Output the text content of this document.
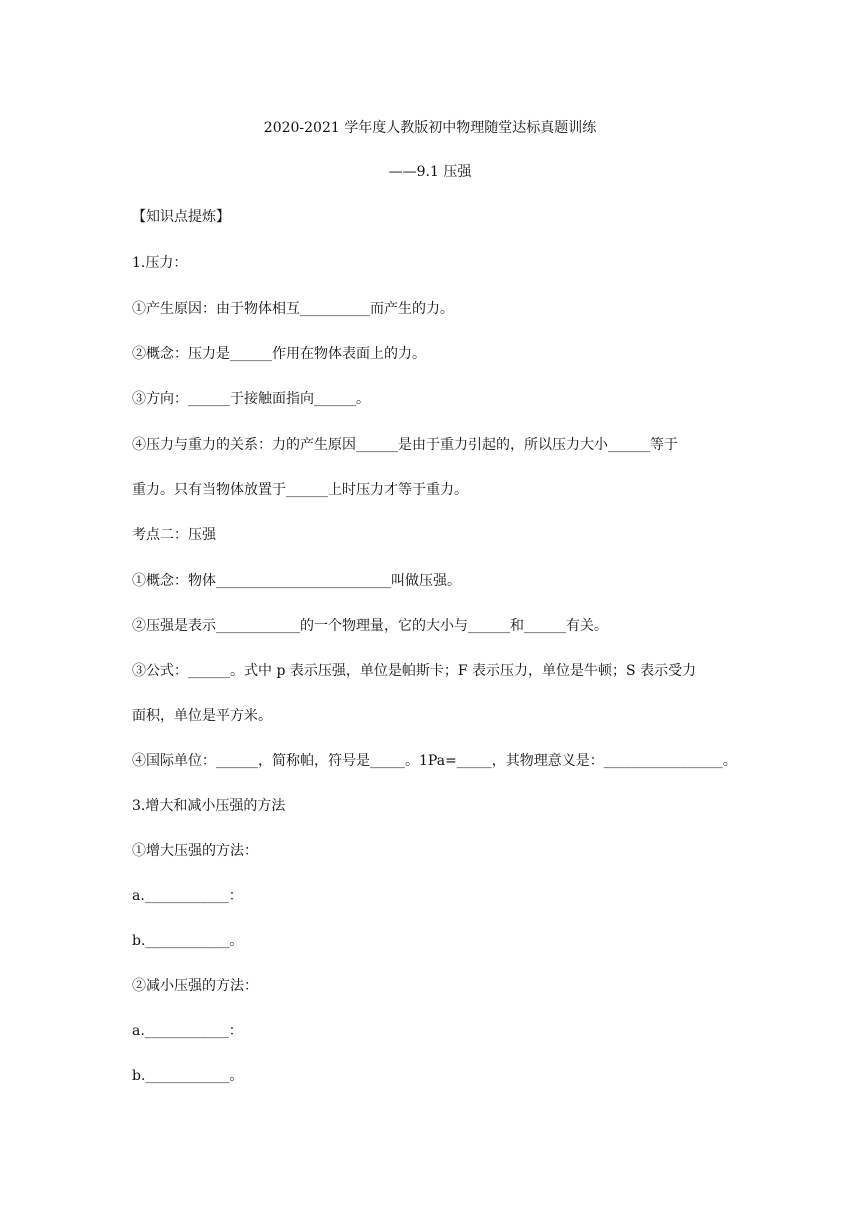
2020-2021 学年度人教版初中物理随堂达标真题训练
——9.1 压强
【知识点提炼】
1.压力：
①产生原因：由于物体相互__________而产生的力。
②概念：压力是______作用在物体表面上的力。
③方向：______于接触面指向______。
④压力与重力的关系：力的产生原因______是由于重力引起的，所以压力大小______等于
重力。只有当物体放置于______上时压力才等于重力。
考点二：压强
①概念：物体_________________________叫做压强。
②压强是表示____________的一个物理量，它的大小与______和______有关。
③公式：______。式中 p 表示压强，单位是帕斯卡；F 表示压力，单位是牛顿；S 表示受力
面积，单位是平方米。
④国际单位：______，简称帕，符号是_____。1Pa=_____，其物理意义是：_________________。
3.增大和减小压强的方法
①增大压强的方法：
a.____________：
b.____________。
②减小压强的方法：
a.____________：
b.____________。
